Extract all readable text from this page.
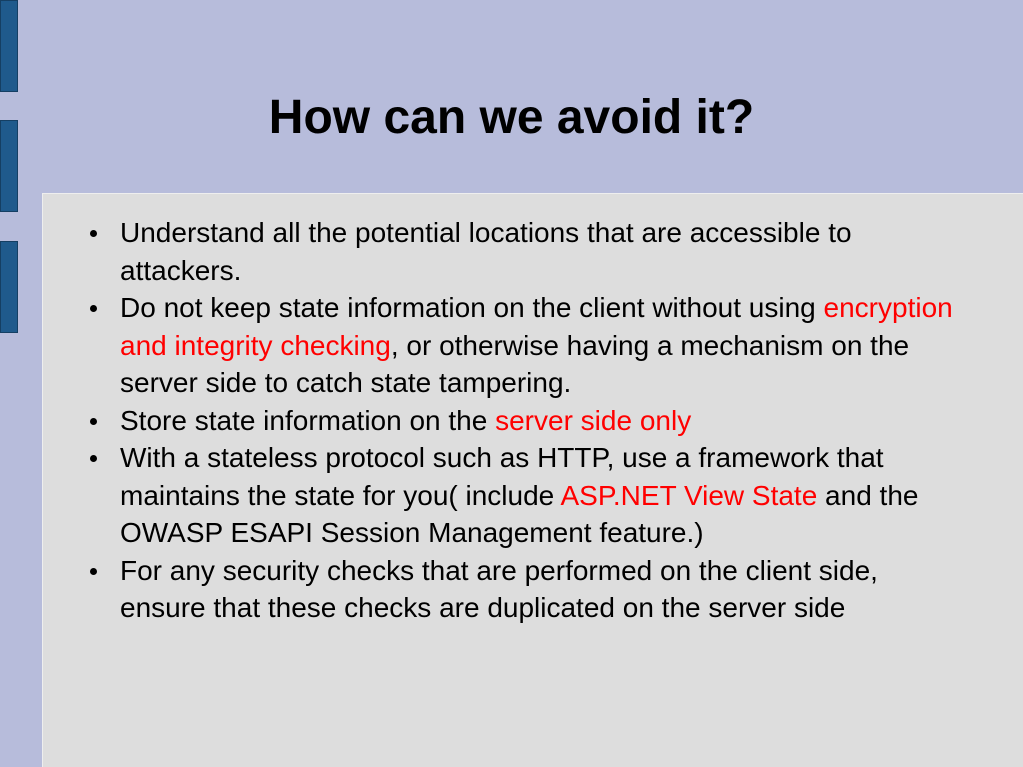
How can we avoid it?
Understand all the potential locations that are accessible to attackers.
Do not keep state information on the client without using encryption and integrity checking, or otherwise having a mechanism on the server side to catch state tampering.
Store state information on the server side only
With a stateless protocol such as HTTP, use a framework that maintains the state for you( include ASP.NET View State and the OWASP ESAPI Session Management feature.)
For any security checks that are performed on the client side, ensure that these checks are duplicated on the server side
